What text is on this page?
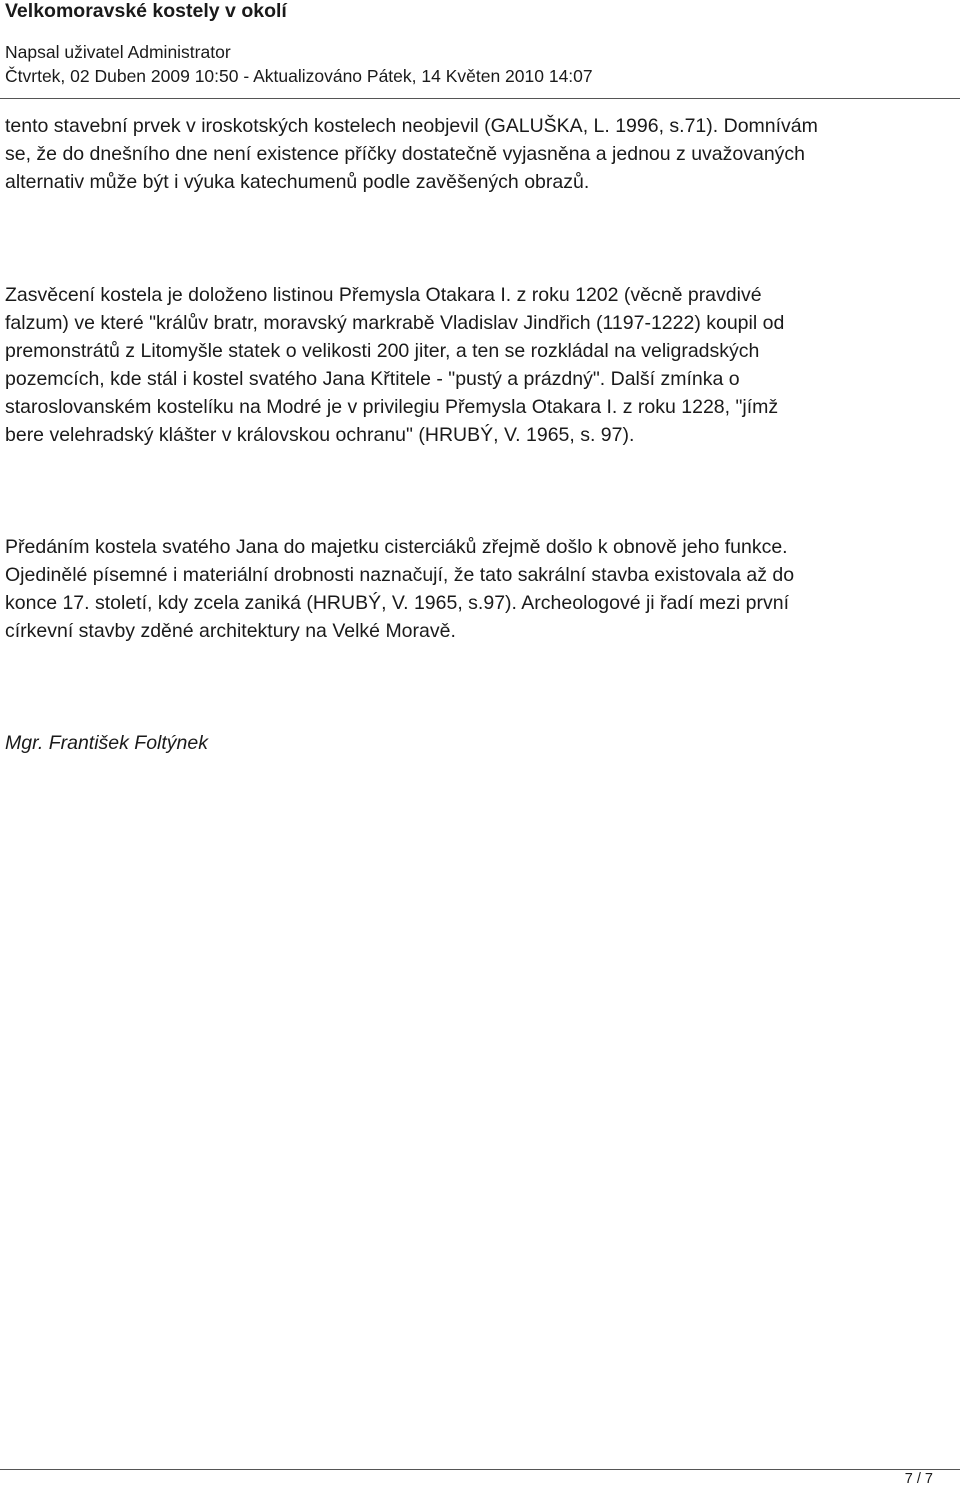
Velkomoravské kostely v okolí
Napsal uživatel Administrator
Čtvrtek, 02 Duben 2009 10:50 - Aktualizováno Pátek, 14 Květen 2010 14:07

tento stavební prvek v iroskotských kostelech neobjevil (GALUŠKA, L. 1996, s.71). Domnívám
se, že do dnešního dne není existence příčky dostatečně vyjasněna a jednou z uvažovaných
alternativ může být i výuka katechumenů podle zavěšených obrazů.

Zasvěcení kostela je doloženo listinou Přemysla Otakara I. z roku 1202 (věcně pravdivé
falzum) ve které "králův bratr, moravský markrabě Vladislav Jindřich (1197-1222) koupil od
premonstrátů z Litomyšle statek o velikosti 200 jiter, a ten se rozkládal na veligradských
pozemcích, kde stál i kostel svatého Jana Křtitele - "pustý a prázdný". Další zmínka o
staroslovanském kostelíku na Modré je v privilegiu Přemysla Otakara I. z roku 1228, "jímž
bere velehradský klášter v královskou ochranu" (HRUBÝ, V. 1965, s. 97).

Předáním kostela svatého Jana do majetku cisterciáků zřejmě došlo k obnově jeho funkce.
Ojedinělé písemné i materiální drobnosti naznačují, že tato sakrální stavba existovala až do
konce 17. století, kdy zcela zaniká (HRUBÝ, V. 1965, s.97). Archeologové ji řadí mezi první
církevní stavby zděné architektury na Velké Moravě.

Mgr. František Foltýnek
7 / 7
